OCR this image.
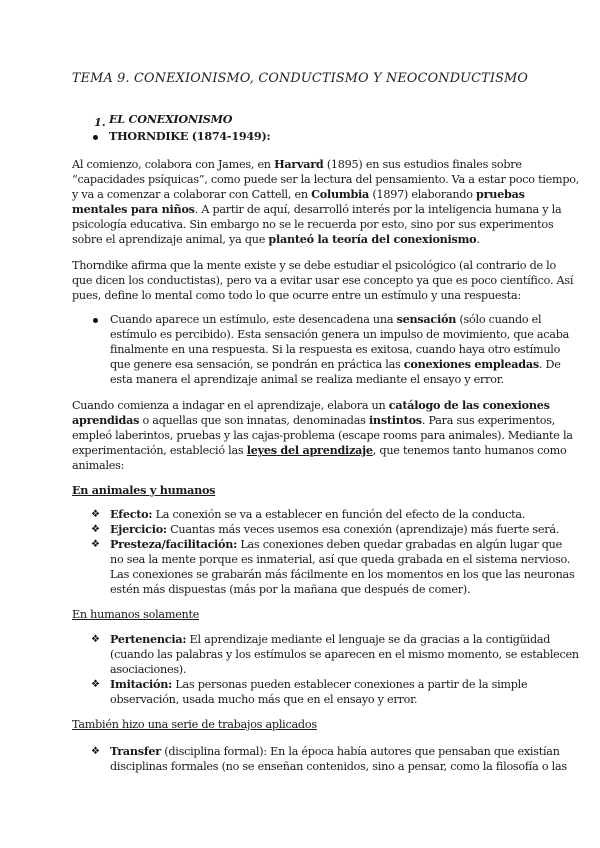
TEMA 9. CONEXIONISMO, CONDUCTISMO Y NEOCONDUCTISMO
1. EL CONEXIONISMO
THORNDIKE (1874-1949):
Al comienzo, colabora con James, en Harvard (1895) en sus estudios finales sobre
“capacidades psíquicas”, como puede ser la lectura del pensamiento. Va a estar poco tiempo,
y va a comenzar a colaborar con Cattell, en Columbia (1897) elaborando pruebas
mentales para niños. A partir de aquí, desarrolló interés por la inteligencia humana y la
psicología educativa. Sin embargo no se le recuerda por esto, sino por sus experimentos
sobre el aprendizaje animal, ya que planteó la teoría del conexionismo.
Thorndike afirma que la mente existe y se debe estudiar el psicológico (al contrario de lo
que dicen los conductistas), pero va a evitar usar ese concepto ya que es poco científico. Así
pues, define lo mental como todo lo que ocurre entre un estímulo y una respuesta:
Cuando aparece un estímulo, este desencadena una sensación (sólo cuando el
estímulo es percibido). Esta sensación genera un impulso de movimiento, que acaba
finalmente en una respuesta. Si la respuesta es exitosa, cuando haya otro estímulo
que genere esa sensación, se pondrán en práctica las conexiones empleadas. De
esta manera el aprendizaje animal se realiza mediante el ensayo y error.
Cuando comienza a indagar en el aprendizaje, elabora un catálogo de las conexiones
aprendidas o aquellas que son innatas, denominadas instintos. Para sus experimentos,
empleó laberintos, pruebas y las cajas-problema (escape rooms para animales). Mediante la
experimentación, estableció las leyes del aprendizaje, que tenemos tanto humanos como
animales:
En animales y humanos
❖ Efecto: La conexión se va a establecer en función del efecto de la conducta.
❖ Ejercicio: Cuantas más veces usemos esa conexión (aprendizaje) más fuerte será.
❖ Presteza/facilitación: Las conexiones deben quedar grabadas en algún lugar que
no sea la mente porque es inmaterial, así que queda grabada en el sistema nervioso.
Las conexiones se grabarán más fácilmente en los momentos en los que las neuronas
estén más dispuestas (más por la mañana que después de comer).
En humanos solamente
❖ Pertenencia: El aprendizaje mediante el lenguaje se da gracias a la contigüidad
(cuando las palabras y los estímulos se aparecen en el mismo momento, se establecen
asociaciones).
❖ Imitación: Las personas pueden establecer conexiones a partir de la simple
observación, usada mucho más que en el ensayo y error.
También hizo una serie de trabajos aplicados
❖ Transfer (disciplina formal): En la época había autores que pensaban que existían
disciplinas formales (no se enseñan contenidos, sino a pensar, como la filosofía o las
